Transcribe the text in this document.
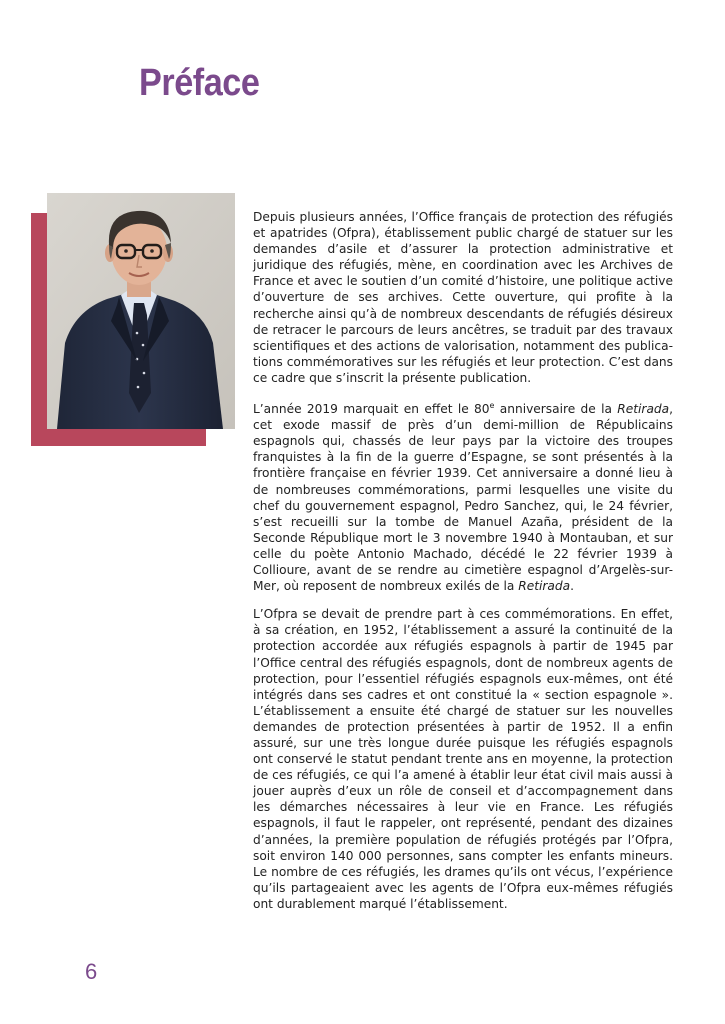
Préface

Depuis plusieurs années, l’Office français de protection des réfugiés et apatrides (Ofpra), établissement public chargé de statuer sur les demandes d’asile et d’assurer la protection administrative et juridique des réfugiés, mène, en coordination avec les Archives de France et avec le soutien d’un comité d’histoire, une politique active d’ouverture de ses archives. Cette ouverture, qui profite à la recherche ainsi qu’à de nombreux descendants de réfugiés désireux de retracer le parcours de leurs ancêtres, se traduit par des travaux scientifiques et des actions de valorisation, notamment des publications commémoratives sur les réfugiés et leur protection. C’est dans ce cadre que s’inscrit la présente publication.

L’année 2019 marquait en effet le 80e anniversaire de la Retirada, cet exode massif de près d’un demi-million de Républicains espagnols qui, chassés de leur pays par la victoire des troupes franquistes à la fin de la guerre d’Espagne, se sont présentés à la frontière française en février 1939. Cet anniversaire a donné lieu à de nombreuses commémorations, parmi lesquelles une visite du chef du gouvernement espagnol, Pedro Sanchez, qui, le 24 février, s’est recueilli sur la tombe de Manuel Azaña, président de la Seconde République mort le 3 novembre 1940 à Montauban, et sur celle du poète Antonio Machado, décédé le 22 février 1939 à Collioure, avant de se rendre au cimetière espagnol d’Argelès-sur-Mer, où reposent de nombreux exilés de la Retirada.

L’Ofpra se devait de prendre part à ces commémorations. En effet, à sa création, en 1952, l’établissement a assuré la continuité de la protection accordée aux réfugiés espagnols à partir de 1945 par l’Office central des réfugiés espagnols, dont de nombreux agents de protection, pour l’essentiel réfugiés espagnols eux-mêmes, ont été intégrés dans ses cadres et ont constitué la « section espagnole ». L’établissement a ensuite été chargé de statuer sur les nouvelles demandes de protection présentées à partir de 1952. Il a enfin assuré, sur une très longue durée puisque les réfugiés espagnols ont conservé le statut pendant trente ans en moyenne, la protection de ces réfugiés, ce qui l’a amené à établir leur état civil mais aussi à jouer auprès d’eux un rôle de conseil et d’accompagnement dans les démarches nécessaires à leur vie en France. Les réfugiés espagnols, il faut le rappeler, ont représenté, pendant des dizaines d’années, la première population de réfugiés protégés par l’Ofpra, soit environ 140 000 personnes, sans compter les enfants mineurs. Le nombre de ces réfugiés, les drames qu’ils ont vécus, l’expérience qu’ils partageaient avec les agents de l’Ofpra eux-mêmes réfugiés ont durablement marqué l’établissement.

6
